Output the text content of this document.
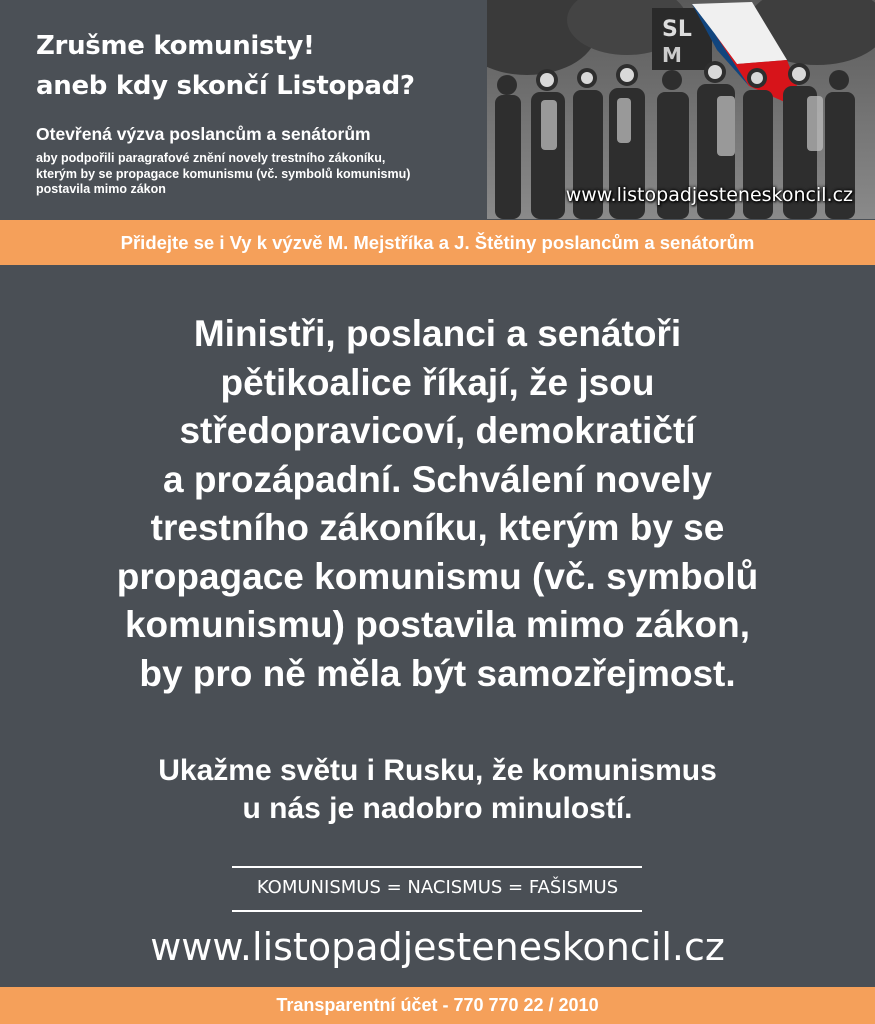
Zrušme komunisty!
aneb kdy skončí Listopad?
Otevřená výzva poslancům a senátorům
aby podpořili paragrafové znění novely trestního zákoníku,
kterým by se propagace komunismu (vč. symbolů komunismu)
postavila mimo zákon
SL
M
www.listopadjesteneskoncil.cz
Přidejte se i Vy k výzvě M. Mejstříka a J. Štětiny poslancům a senátorům
Ministři, poslanci a senátoři
pětikoalice říkají, že jsou
středopravicoví, demokratičtí
a prozápadní. Schválení novely
trestního zákoníku, kterým by se
propagace komunismu (vč. symbolů
komunismu) postavila mimo zákon,
by pro ně měla být samozřejmost.
Ukažme světu i Rusku, že komunismus
u nás je nadobro minulostí.
KOMUNISMUS = NACISMUS = FAŠISMUS
www.listopadjesteneskoncil.cz
Transparentní účet - 770 770 22 / 2010
